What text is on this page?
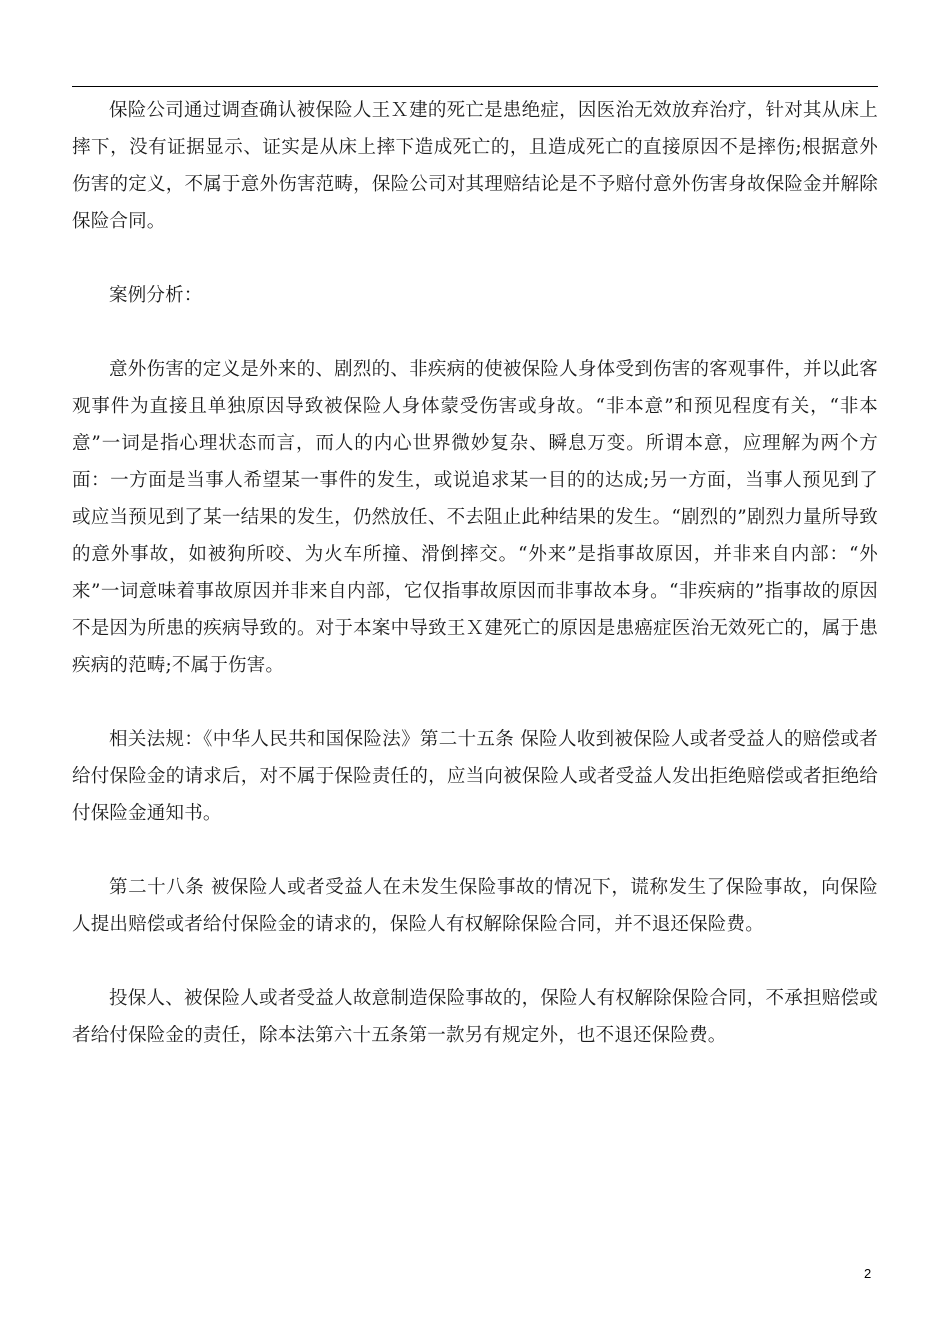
保险公司通过调查确认被保险人王Ｘ建的死亡是患绝症，因医治无效放弃治疗，针对其从床上摔下，没有证据显示、证实是从床上摔下造成死亡的，且造成死亡的直接原因不是摔伤;根据意外伤害的定义，不属于意外伤害范畴，保险公司对其理赔结论是不予赔付意外伤害身故保险金并解除保险合同。

案例分析：

意外伤害的定义是外来的、剧烈的、非疾病的使被保险人身体受到伤害的客观事件，并以此客观事件为直接且单独原因导致被保险人身体蒙受伤害或身故。“非本意”和预见程度有关，“非本意”一词是指心理状态而言，而人的内心世界微妙复杂、瞬息万变。所谓本意，应理解为两个方面：一方面是当事人希望某一事件的发生，或说追求某一目的的达成;另一方面，当事人预见到了或应当预见到了某一结果的发生，仍然放任、不去阻止此种结果的发生。“剧烈的”剧烈力量所导致的意外事故，如被狗所咬、为火车所撞、滑倒摔交。“外来”是指事故原因，并非来自内部：“外来”一词意味着事故原因并非来自内部，它仅指事故原因而非事故本身。“非疾病的”指事故的原因不是因为所患的疾病导致的。对于本案中导致王Ｘ建死亡的原因是患癌症医治无效死亡的，属于患疾病的范畴;不属于伤害。

相关法规：《中华人民共和国保险法》第二十五条 保险人收到被保险人或者受益人的赔偿或者给付保险金的请求后，对不属于保险责任的，应当向被保险人或者受益人发出拒绝赔偿或者拒绝给付保险金通知书。

第二十八条 被保险人或者受益人在未发生保险事故的情况下，谎称发生了保险事故，向保险人提出赔偿或者给付保险金的请求的，保险人有权解除保险合同，并不退还保险费。

投保人、被保险人或者受益人故意制造保险事故的，保险人有权解除保险合同，不承担赔偿或者给付保险金的责任，除本法第六十五条第一款另有规定外，也不退还保险费。

2
